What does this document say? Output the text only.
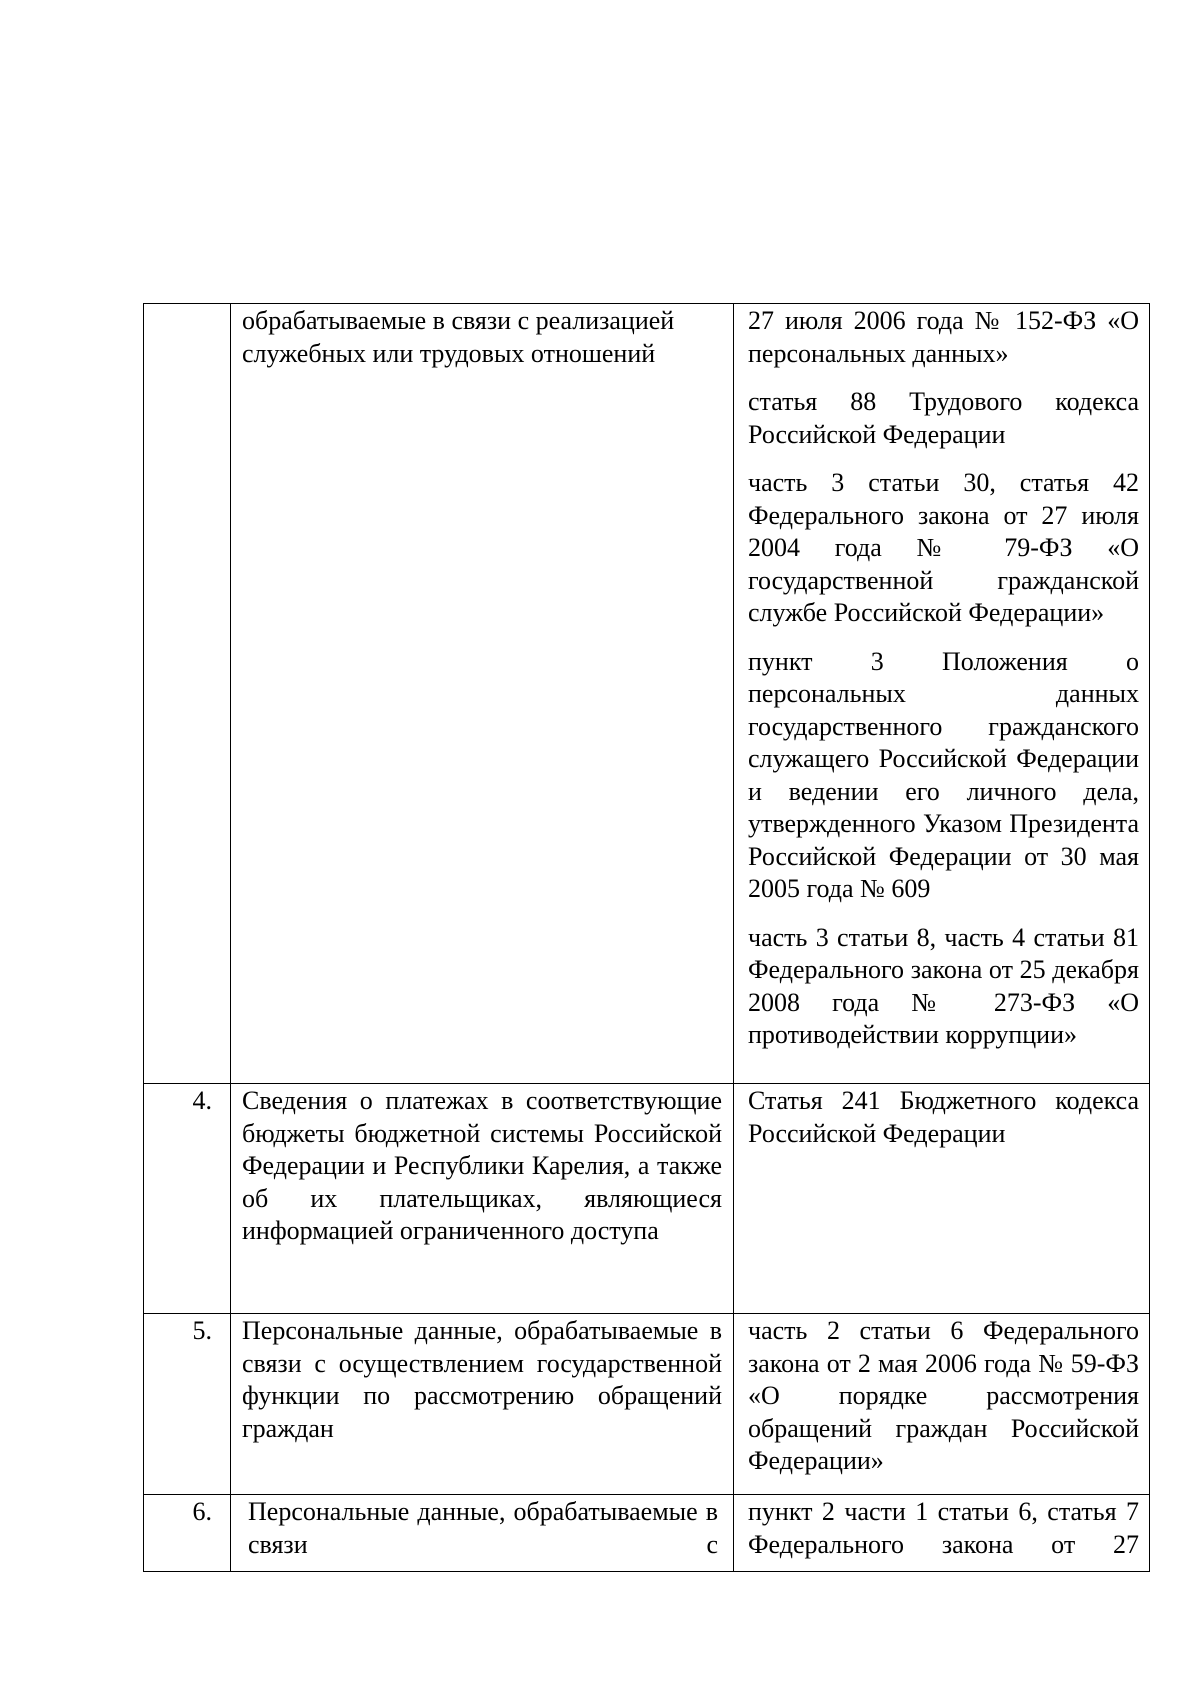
	обрабатываемые в связи с реализацией служебных или трудовых отношений	27 июля 2006 года № 152-ФЗ «О персональных данных»
статья 88 Трудового кодекса Российской Федерации
часть 3 статьи 30, статья 42 Федерального закона от 27 июля 2004 года № 79-ФЗ «О государственной гражданской службе Российской Федерации»
пункт 3 Положения о персональных данных государственного гражданского служащего Российской Федерации и ведении его личного дела, утвержденного Указом Президента Российской Федерации от 30 мая 2005 года № 609
часть 3 статьи 8, часть 4 статьи 81 Федерального закона от 25 декабря 2008 года № 273-ФЗ «О противодействии коррупции»

4.	Сведения о платежах в соответствующие бюджеты бюджетной системы Российской Федерации и Республики Карелия, а также об их плательщиках, являющиеся информацией ограниченного доступа	Статья 241 Бюджетного кодекса Российской Федерации

5.	Персональные данные, обрабатываемые в связи с осуществлением государственной функции по рассмотрению обращений граждан	часть 2 статьи 6 Федерального закона от 2 мая 2006 года № 59-ФЗ «О порядке рассмотрения обращений граждан Российской Федерации»

6.	Персональные данные, обрабатываемые в связи с	пункт 2 части 1 статьи 6, статья 7 Федерального закона от 27
